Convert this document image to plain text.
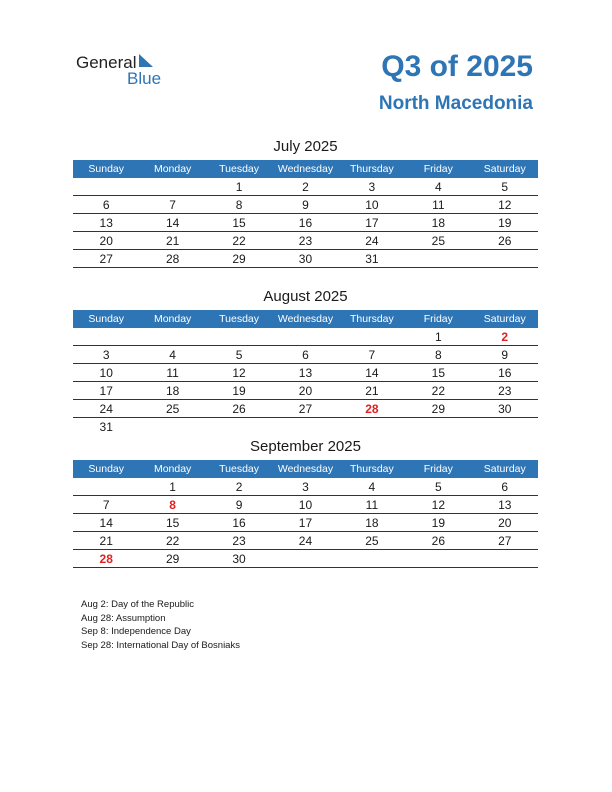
General
Blue	Q3 of 2025
North Macedonia
July 2025
Sunday	Monday	Tuesday	Wednesday	Thursday	Friday	Saturday
		1	2	3	4	5
6	7	8	9	10	11	12
13	14	15	16	17	18	19
20	21	22	23	24	25	26
27	28	29	30	31		
August 2025
Sunday	Monday	Tuesday	Wednesday	Thursday	Friday	Saturday
					1	2
3	4	5	6	7	8	9
10	11	12	13	14	15	16
17	18	19	20	21	22	23
24	25	26	27	28	29	30
31						
September 2025
Sunday	Monday	Tuesday	Wednesday	Thursday	Friday	Saturday
	1	2	3	4	5	6
7	8	9	10	11	12	13
14	15	16	17	18	19	20
21	22	23	24	25	26	27
28	29	30				
Aug 2: Day of the Republic
Aug 28: Assumption
Sep 8: Independence Day
Sep 28: International Day of Bosniaks
